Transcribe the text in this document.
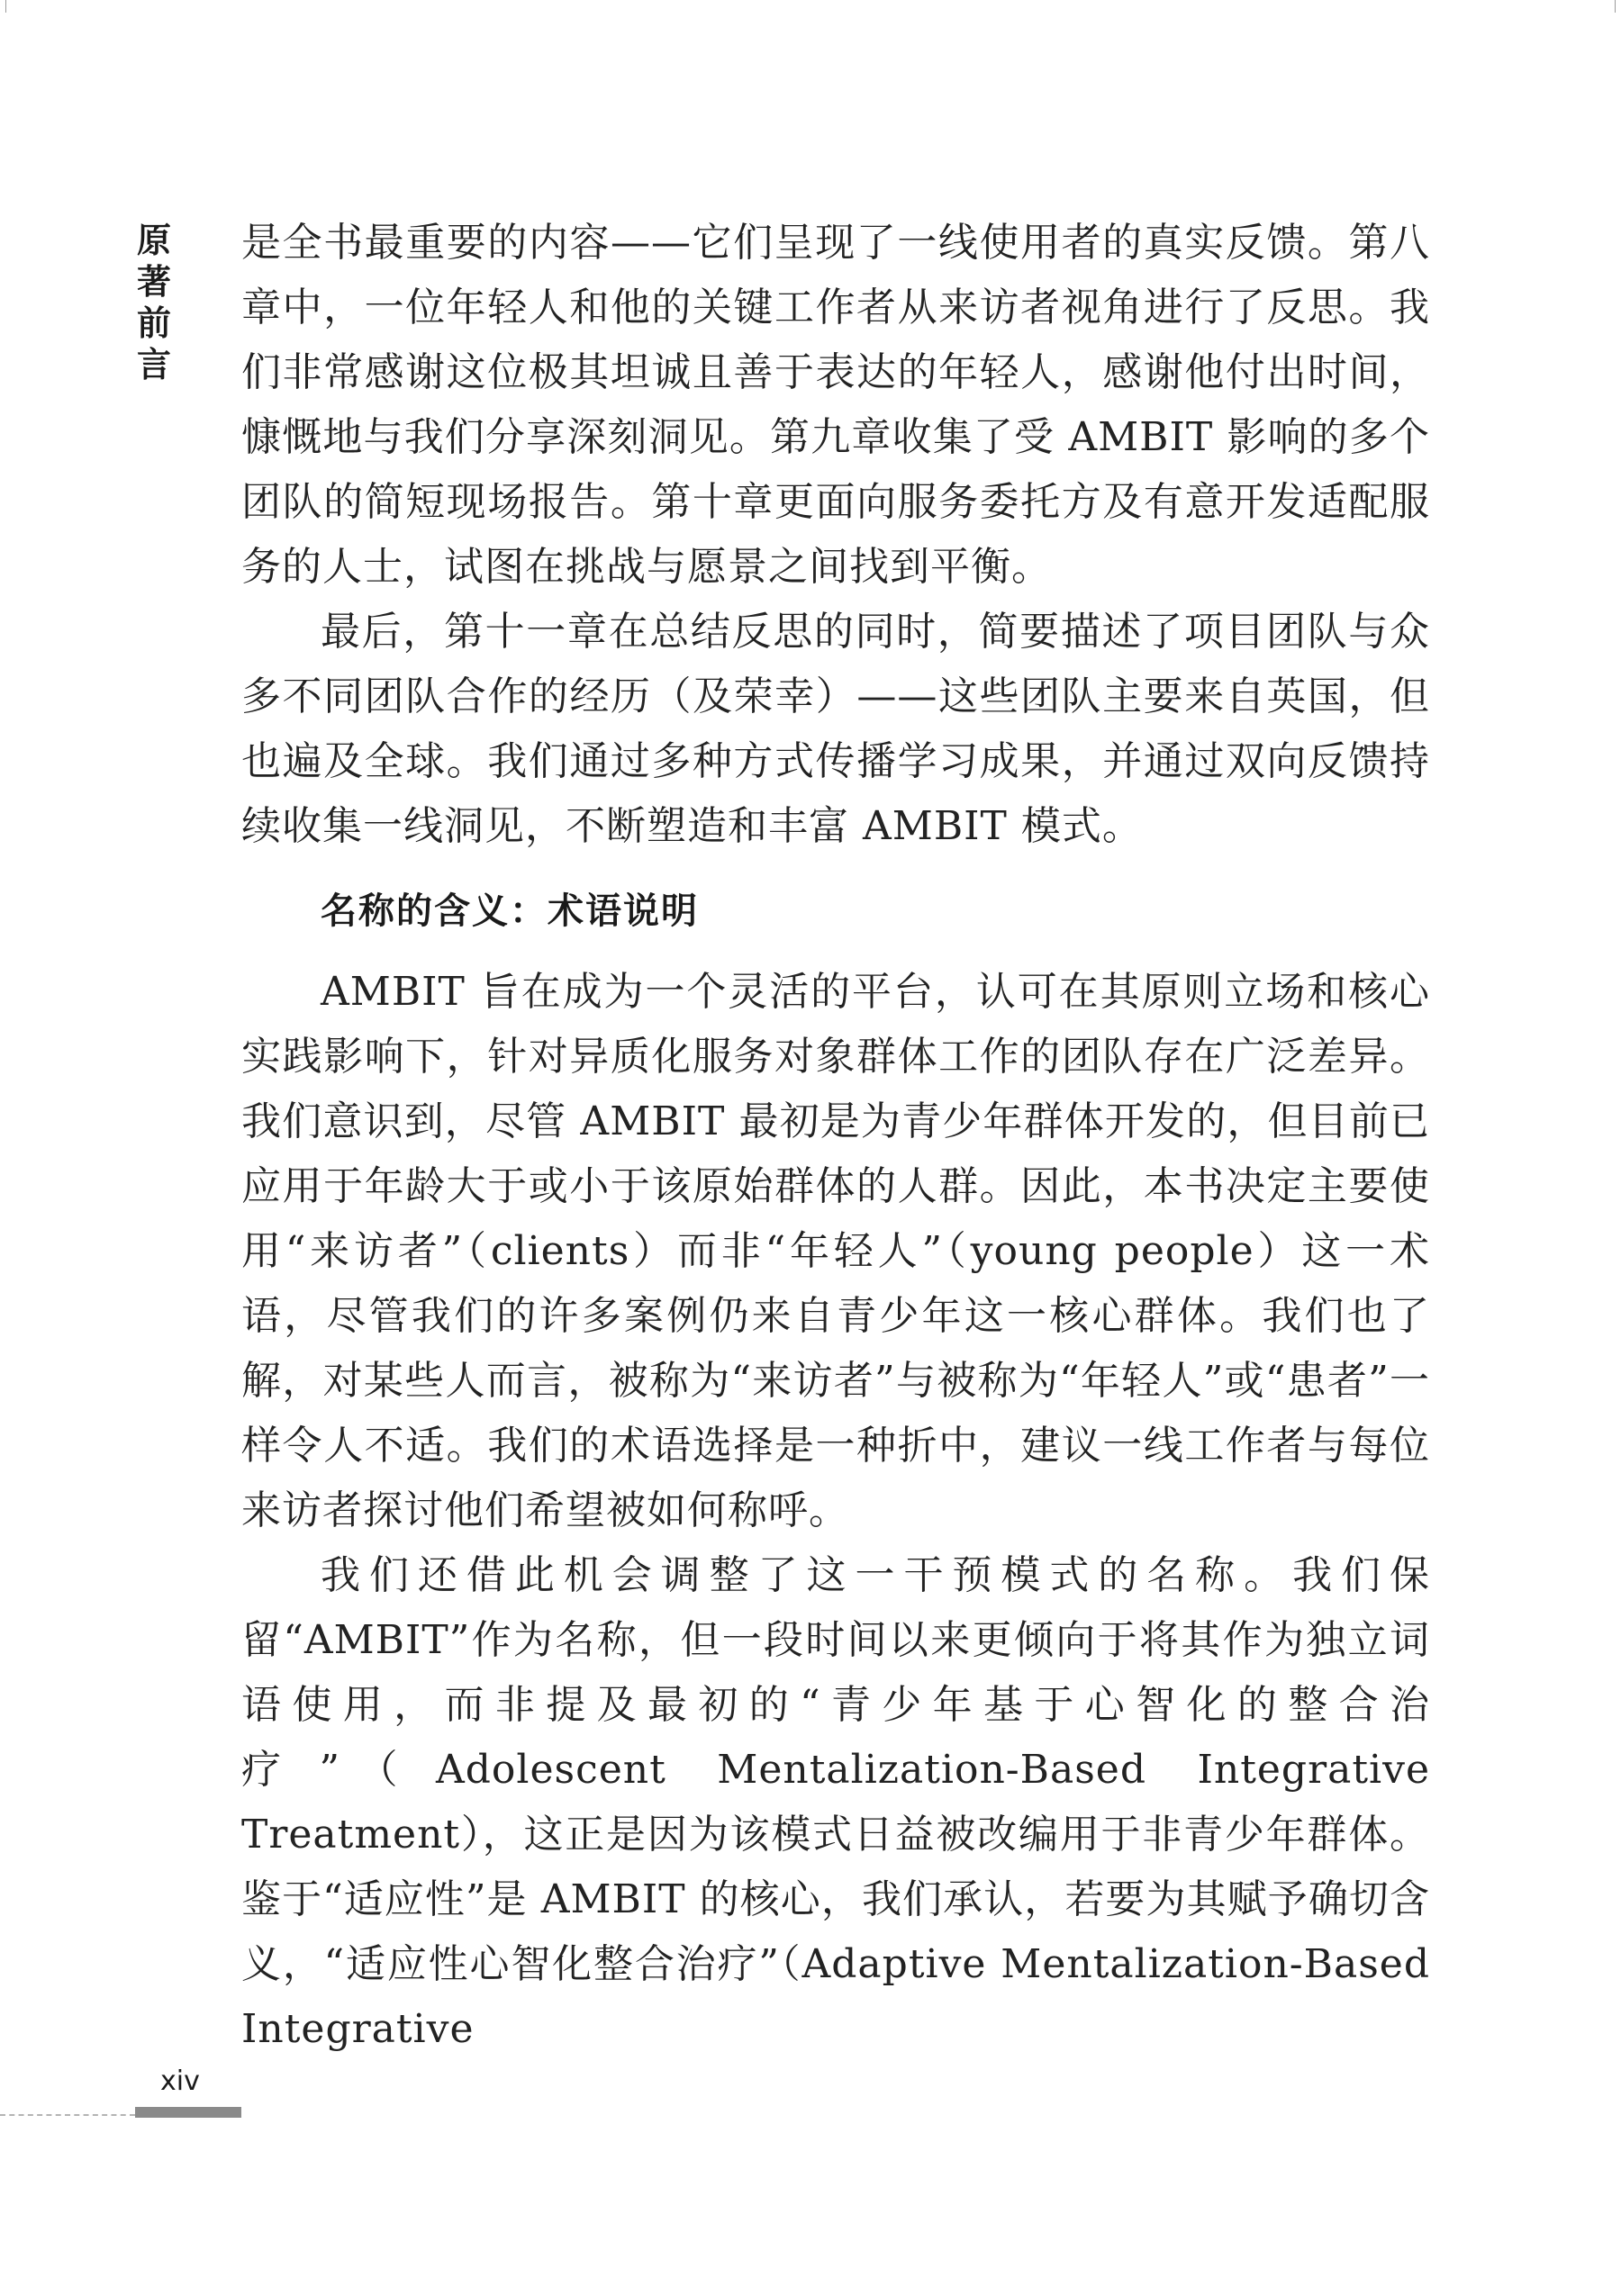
原
著
前
言

是全书最重要的内容——它们呈现了一线使用者的真实反馈。第八章中，一位年轻人和他的关键工作者从来访者视角进行了反思。我们非常感谢这位极其坦诚且善于表达的年轻人，感谢他付出时间，慷慨地与我们分享深刻洞见。第九章收集了受 AMBIT 影响的多个团队的简短现场报告。第十章更面向服务委托方及有意开发适配服务的人士，试图在挑战与愿景之间找到平衡。

最后，第十一章在总结反思的同时，简要描述了项目团队与众多不同团队合作的经历（及荣幸）——这些团队主要来自英国，但也遍及全球。我们通过多种方式传播学习成果，并通过双向反馈持续收集一线洞见，不断塑造和丰富 AMBIT 模式。

名称的含义：术语说明

AMBIT 旨在成为一个灵活的平台，认可在其原则立场和核心实践影响下，针对异质化服务对象群体工作的团队存在广泛差异。我们意识到，尽管 AMBIT 最初是为青少年群体开发的，但目前已应用于年龄大于或小于该原始群体的人群。因此，本书决定主要使用“来访者”（clients）而非“年轻人”（young people）这一术语，尽管我们的许多案例仍来自青少年这一核心群体。我们也了解，对某些人而言，被称为“来访者”与被称为“年轻人”或“患者”一样令人不适。我们的术语选择是一种折中，建议一线工作者与每位来访者探讨他们希望被如何称呼。

我们还借此机会调整了这一干预模式的名称。我们保留“AMBIT”作为名称，但一段时间以来更倾向于将其作为独立词语使用，而非提及最初的“青少年基于心智化的整合治疗”（Adolescent Mentalization-Based Integrative Treatment），这正是因为该模式日益被改编用于非青少年群体。鉴于“适应性”是 AMBIT 的核心，我们承认，若要为其赋予确切含义，“适应性心智化整合治疗”（Adaptive Mentalization-Based Integrative

xiv
